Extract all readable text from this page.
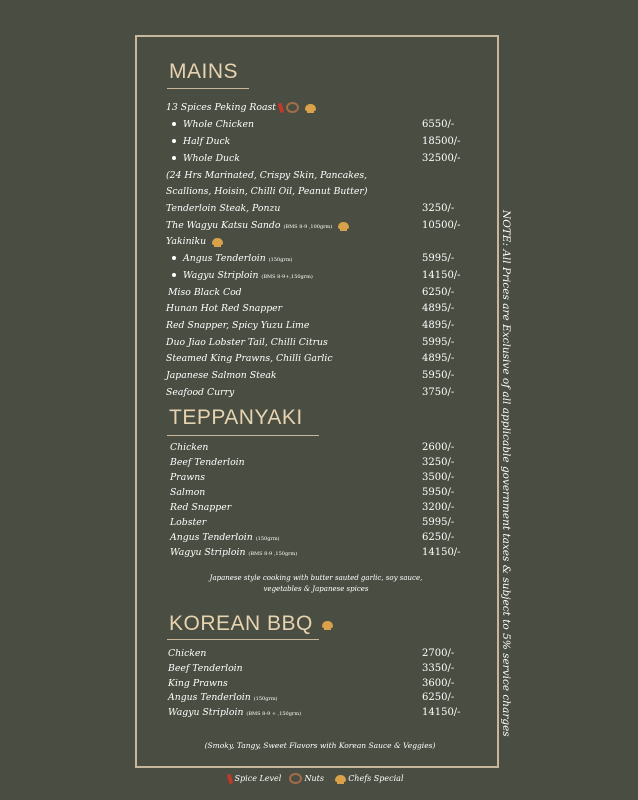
MAINS
13 Spices Peking Roast
Whole Chicken	6550/-
Half Duck	18500/-
Whole Duck	32500/-
(24 Hrs Marinated, Crispy Skin, Pancakes,
Scallions, Hoisin, Chilli Oil, Peanut Butter)
Tenderloin Steak, Ponzu	3250/-
The Wagyu Katsu Sando (BMS 8-9 ,100grm)	10500/-
Yakiniku
Angus Tenderloin (150grm)	5995/-
Wagyu Striploin (BMS 8-9+,150grm)	14150/-
Miso Black Cod	6250/-
Hunan Hot Red Snapper	4895/-
Red Snapper, Spicy Yuzu Lime	4895/-
Duo Jiao Lobster Tail, Chilli Citrus	5995/-
Steamed King Prawns, Chilli Garlic	4895/-
Japanese Salmon Steak	5950/-
Seafood Curry	3750/-
TEPPANYAKI
Chicken	2600/-
Beef Tenderloin	3250/-
Prawns	3500/-
Salmon	5950/-
Red Snapper	3200/-
Lobster	5995/-
Angus Tenderloin (150grm)	6250/-
Wagyu Striploin (BMS 8-9 ,150grm)	14150/-
Japanese style cooking with butter sauted garlic, soy sauce,
vegetables & Japanese spices
KOREAN BBQ
Chicken	2700/-
Beef Tenderloin	3350/-
King Prawns	3600/-
Angus Tenderloin (150grm)	6250/-
Wagyu Striploin (BMS 8-9 + ,150grm)	14150/-
(Smoky, Tangy, Sweet Flavors with Korean Sauce & Veggies)
NOTE: All Prices are Exclusive of all applicable government taxes & subject to 5% service charges
Spice Level	Nuts	Chefs Special
